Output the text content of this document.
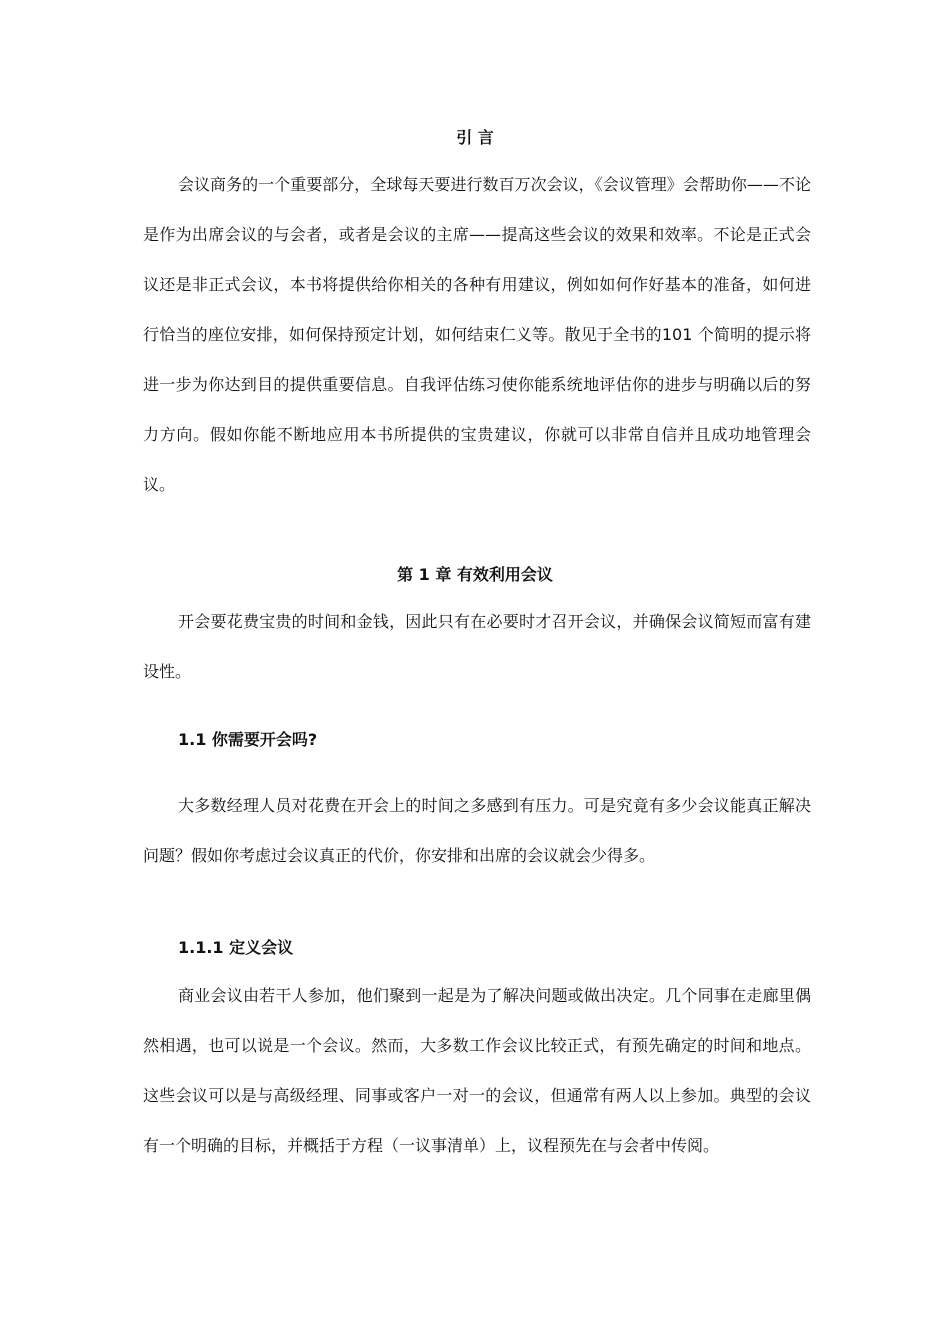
引 言

会议商务的一个重要部分，全球每天要进行数百万次会议，《会议管理》会帮助你——不论是作为出席会议的与会者，或者是会议的主席——提高这些会议的效果和效率。不论是正式会议还是非正式会议，本书将提供给你相关的各种有用建议，例如如何作好基本的准备，如何进行恰当的座位安排，如何保持预定计划，如何结束仁义等。散见于全书的101 个简明的提示将进一步为你达到目的提供重要信息。自我评估练习使你能系统地评估你的进步与明确以后的努力方向。假如你能不断地应用本书所提供的宝贵建议，你就可以非常自信并且成功地管理会议。

第 1 章 有效利用会议

开会要花费宝贵的时间和金钱，因此只有在必要时才召开会议，并确保会议简短而富有建设性。

1.1 你需要开会吗?

大多数经理人员对花费在开会上的时间之多感到有压力。可是究竟有多少会议能真正解决问题？假如你考虑过会议真正的代价，你安排和出席的会议就会少得多。

1.1.1 定义会议

商业会议由若干人参加，他们聚到一起是为了解决问题或做出决定。几个同事在走廊里偶然相遇，也可以说是一个会议。然而，大多数工作会议比较正式，有预先确定的时间和地点。这些会议可以是与高级经理、同事或客户一对一的会议，但通常有两人以上参加。典型的会议有一个明确的目标，并概括于方程（一议事清单）上，议程预先在与会者中传阅。
